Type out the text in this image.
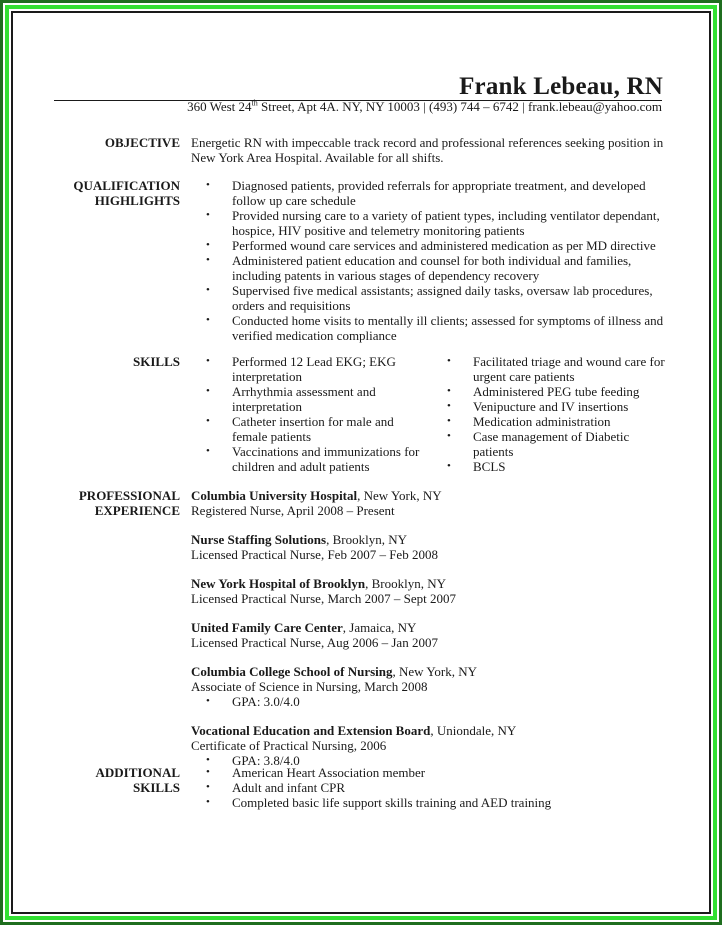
Frank Lebeau, RN
360 West 24th Street, Apt 4A. NY, NY 10003 | (493) 744 – 6742 | frank.lebeau@yahoo.com
OBJECTIVE Energetic RN with impeccable track record and professional references seeking position in
New York Area Hospital. Available for all shifts.
QUALIFICATION
HIGHLIGHTS
• Diagnosed patients, provided referrals for appropriate treatment, and developed
follow up care schedule
• Provided nursing care to a variety of patient types, including ventilator dependant,
hospice, HIV positive and telemetry monitoring patients
• Performed wound care services and administered medication as per MD directive
• Administered patient education and counsel for both individual and families,
including patents in various stages of dependency recovery
• Supervised five medical assistants; assigned daily tasks, oversaw lab procedures,
orders and requisitions
• Conducted home visits to mentally ill clients; assessed for symptoms of illness and
verified medication compliance
SKILLS • Performed 12 Lead EKG; EKG
interpretation
• Arrhythmia assessment and
interpretation
• Catheter insertion for male and
female patients
• Vaccinations and immunizations for
children and adult patients
• Facilitated triage and wound care for
urgent care patients
• Administered PEG tube feeding
• Venipucture and IV insertions
• Medication administration
• Case management of Diabetic
patients
• BCLS
PROFESSIONAL
EXPERIENCE
Columbia University Hospital, New York, NY
Registered Nurse, April 2008 – Present
Nurse Staffing Solutions, Brooklyn, NY
Licensed Practical Nurse, Feb 2007 – Feb 2008
New York Hospital of Brooklyn, Brooklyn, NY
Licensed Practical Nurse, March 2007 – Sept 2007
United Family Care Center, Jamaica, NY
Licensed Practical Nurse, Aug 2006 – Jan 2007
Columbia College School of Nursing, New York, NY
Associate of Science in Nursing, March 2008
• GPA: 3.0/4.0
Vocational Education and Extension Board, Uniondale, NY
Certificate of Practical Nursing, 2006
• GPA: 3.8/4.0
ADDITIONAL
SKILLS
• American Heart Association member
• Adult and infant CPR
• Completed basic life support skills training and AED training
